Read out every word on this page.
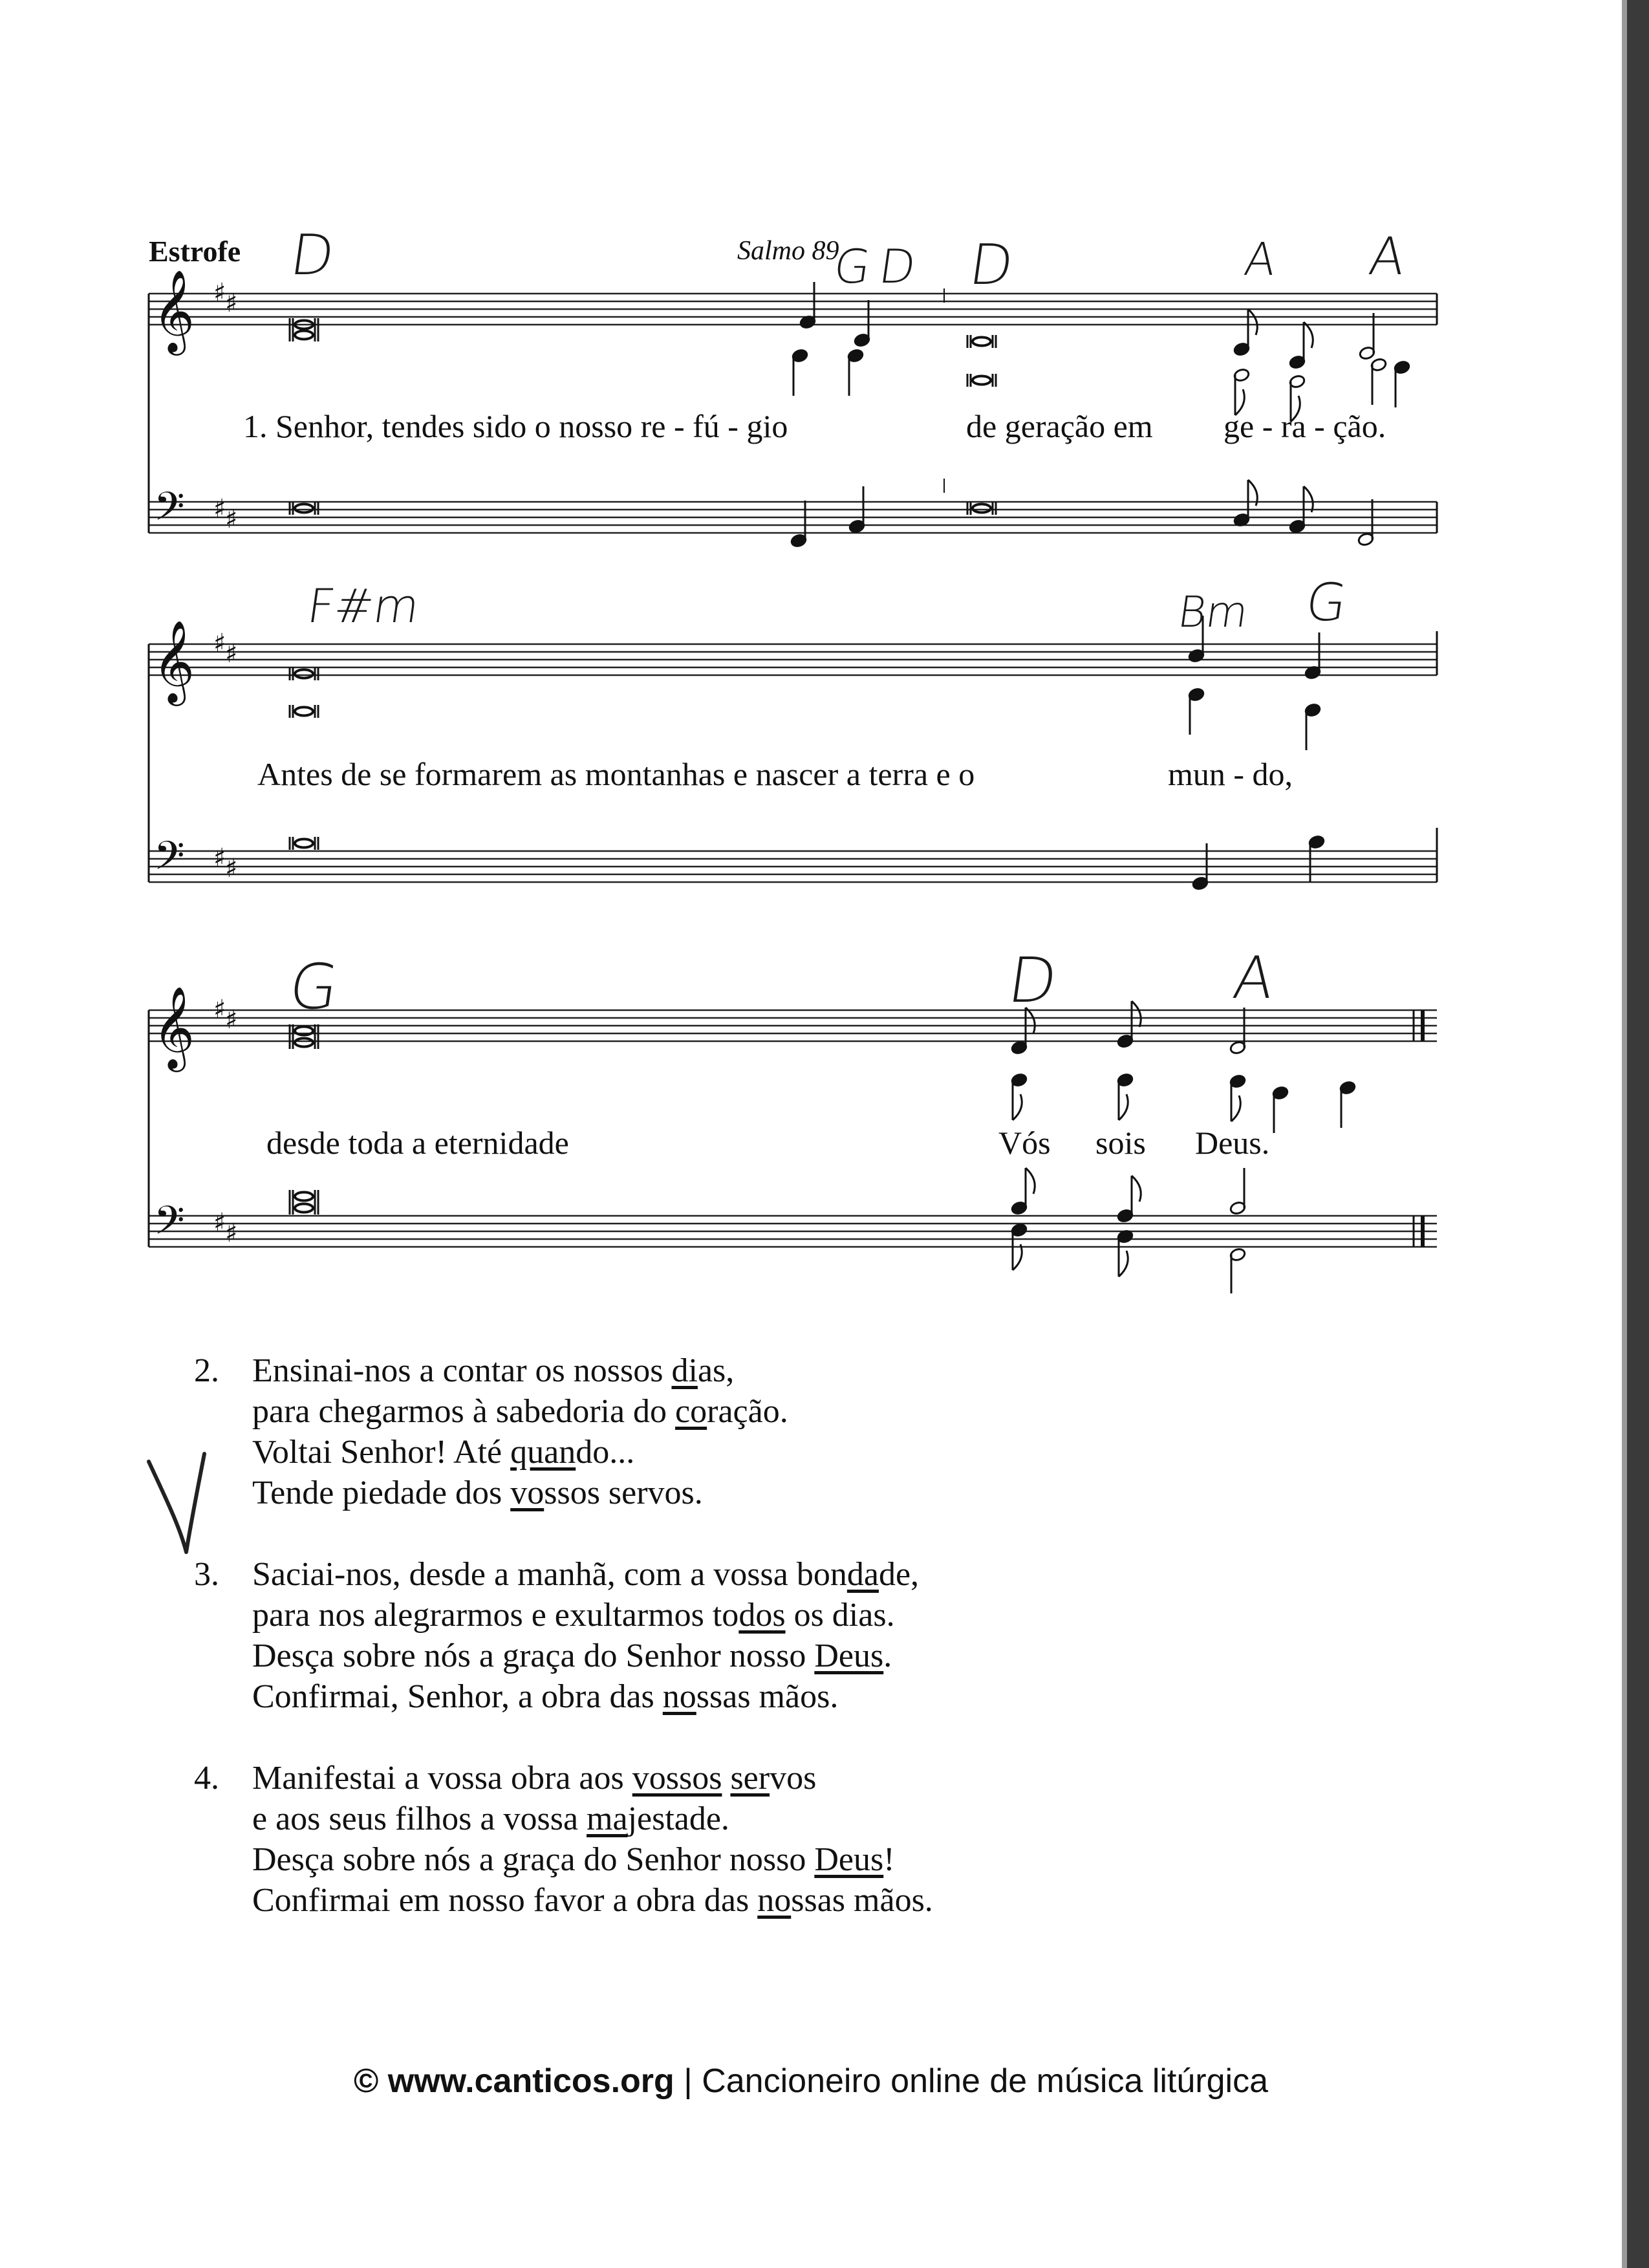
𝄞
𝄢
♯
♯
♯
♯
𝄞
𝄢
♯
♯
♯
♯
𝄞
𝄢
♯
♯
♯
♯
Estrofe	Salmo 89
1. Senhor, tendes sido o nosso re - fú - gio	de geração em ge - ra - ção.
Antes de se formarem as montanhas e nascer a terra e o	mun - do,
desde toda a eternidade	Vós sois Deus.
D	G D D	A A
F#m	Bm G
G	D	A
2. Ensinai-nos a contar os nossos dias,
para chegarmos à sabedoria do coração.
Voltai Senhor! Até quando...
Tende piedade dos vossos servos.
3. Saciai-nos, desde a manhã, com a vossa bondade,
para nos alegrarmos e exultarmos todos os dias.
Desça sobre nós a graça do Senhor nosso Deus.
Confirmai, Senhor, a obra das nossas mãos.
4. Manifestai a vossa obra aos vossos servos
e aos seus filhos a vossa majestade.
Desça sobre nós a graça do Senhor nosso Deus!
Confirmai em nosso favor a obra das nossas mãos.
© www.canticos.org | Cancioneiro online de música litúrgica
